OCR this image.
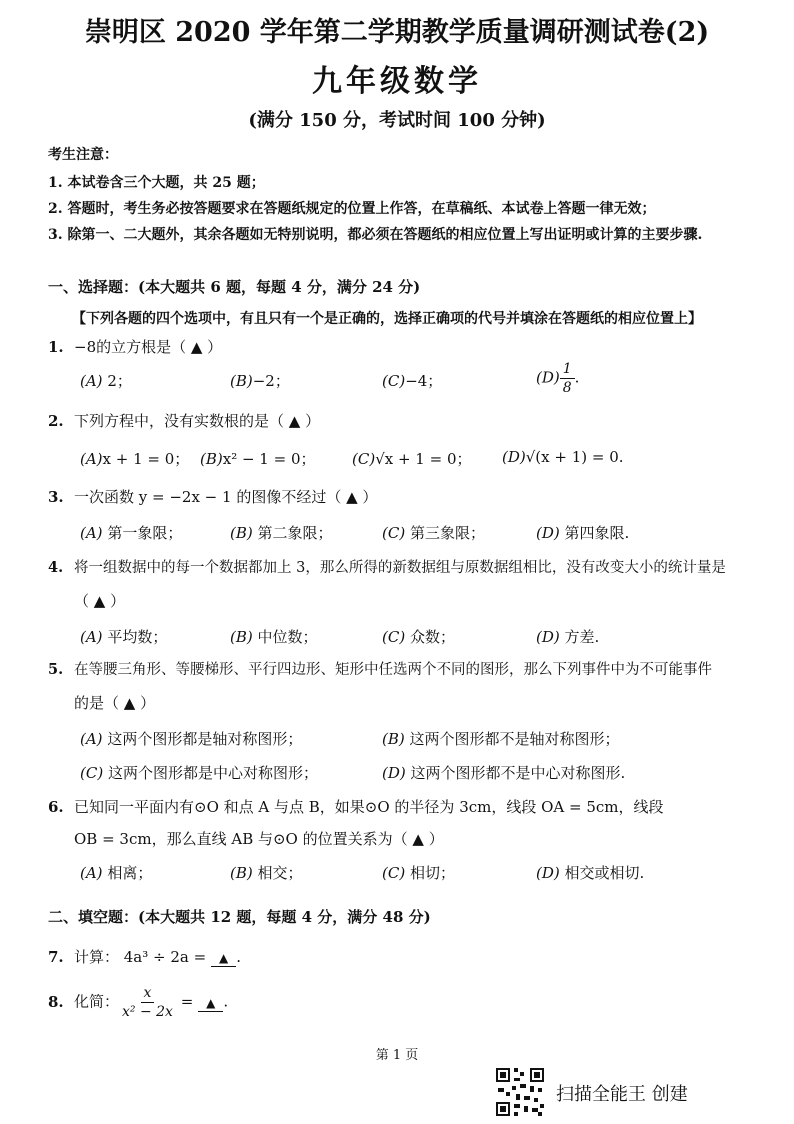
崇明区 2020 学年第二学期教学质量调研测试卷(2)
九年级数学
(满分 150 分，考试时间 100 分钟)
考生注意：
1. 本试卷含三个大题，共 25 题；
2. 答题时，考生务必按答题要求在答题纸规定的位置上作答，在草稿纸、本试卷上答题一律无效；
3. 除第一、二大题外，其余各题如无特别说明，都必须在答题纸的相应位置上写出证明或计算的主要步骤.
一、选择题：(本大题共 6 题，每题 4 分，满分 24 分)
【下列各题的四个选项中，有且只有一个是正确的，选择正确项的代号并填涂在答题纸的相应位置上】
1. −8的立方根是（ ▲ ）
(A) 2；	(B)−2；	(C)−4；	$(D) \frac{1}{8}$ .
2. 下列方程中，没有实数根的是（ ▲ ）
(A)x + 1 = 0； (B)x² − 1 = 0； (C)√x + 1 = 0； (D)√(x + 1) = 0.
3. 一次函数 y = −2x − 1 的图像不经过（ ▲ ）
(A) 第一象限；	(B) 第二象限；	(C) 第三象限；	(D) 第四象限.
4. 将一组数据中的每一个数据都加上 3，那么所得的新数据组与原数据组相比，没有改变大小的统计量是
（ ▲ ）
(A) 平均数；	(B) 中位数；	(C) 众数；	(D) 方差.
5. 在等腰三角形、等腰梯形、平行四边形、矩形中任选两个不同的图形，那么下列事件中为不可能事件
的是（ ▲ ）
(A) 这两个图形都是轴对称图形；	(B) 这两个图形都不是轴对称图形；
(C) 这两个图形都是中心对称图形；	(D) 这两个图形都不是中心对称图形.
6. 已知同一平面内有⊙O 和点 A 与点 B，如果⊙O 的半径为 3cm，线段 OA = 5cm，线段
OB = 3cm，那么直线 AB 与⊙O 的位置关系为（ ▲ ）
(A) 相离；	(B) 相交；	(C) 相切；	(D) 相交或相切.
二、填空题：(本大题共 12 题，每题 4 分，满分 48 分)
7. 计算： 4a³ ÷ 2a = ▲ .
8. 化简： $\frac{x}{\text{x² − 2x}}$ = ▲ .
第 1 页
扫描全能王 创建
